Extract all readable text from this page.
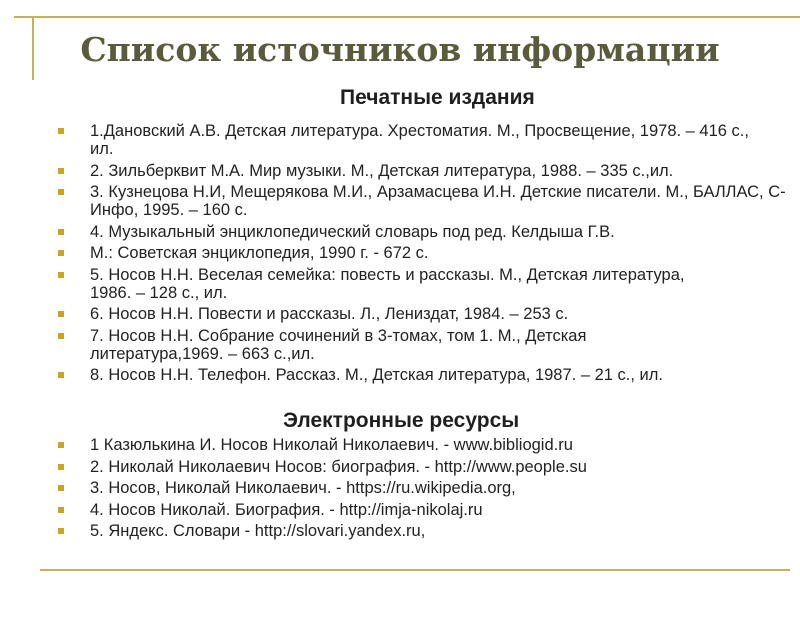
Список источников информации
Печатные издания
1.Дановский А.В. Детская литература. Хрестоматия. М., Просвещение, 1978. – 416 с., ил.
2. Зильберквит М.А. Мир музыки. М., Детская литература, 1988. – 335 с.,ил.
3. Кузнецова Н.И, Мещерякова М.И., Арзамасцева И.Н. Детские писатели. М., БАЛЛАС, С-Инфо, 1995. – 160 с.
4. Музыкальный энциклопедический словарь под ред. Келдыша Г.В.
М.: Советская энциклопедия, 1990 г. - 672 с.
5. Носов Н.Н. Веселая семейка: повесть и рассказы. М., Детская литература, 1986. – 128 с., ил.
6. Носов Н.Н. Повести и рассказы. Л., Лениздат, 1984. – 253 с.
7. Носов Н.Н. Собрание сочинений в 3-томах, том 1. М., Детская литература,1969. – 663 с.,ил.
8. Носов Н.Н. Телефон. Рассказ. М., Детская литература, 1987. – 21 с., ил.
Электронные ресурсы
1 Казюлькина И. Носов Николай Николаевич. - www.bibliogid.ru
2. Николай Николаевич Носов: биография. - http://www.people.su
3. Носов, Николай Николаевич. - https://ru.wikipedia.org,
4. Носов Николай. Биография. - http://imja-nikolaj.ru
5. Яндекс. Словари - http://slovari.yandex.ru,
